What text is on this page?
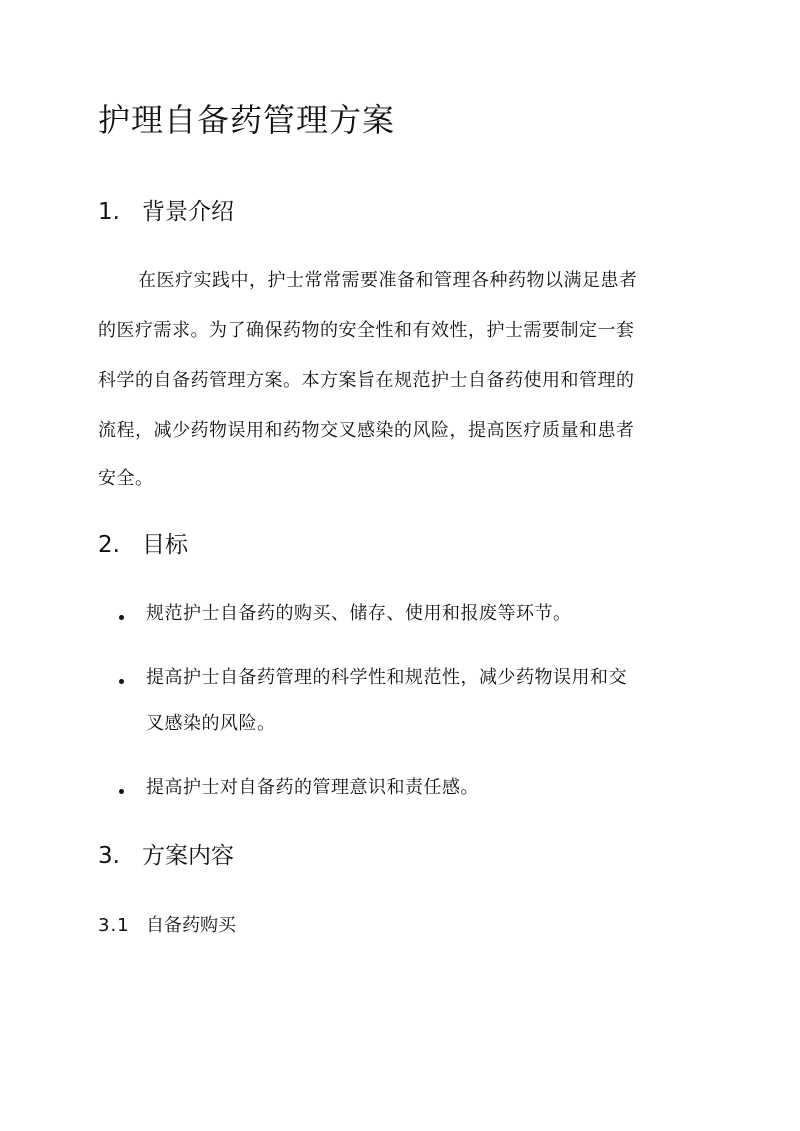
护理自备药管理方案
1. 背景介绍

在医疗实践中，护士常常需要准备和管理各种药物以满足患者

的医疗需求。为了确保药物的安全性和有效性，护士需要制定一套

科学的自备药管理方案。本方案旨在规范护士自备药使用和管理的

流程，减少药物误用和药物交叉感染的风险，提高医疗质量和患者

安全。

2. 目标

规范护士自备药的购买、储存、使用和报废等环节。

提高护士自备药管理的科学性和规范性，减少药物误用和交

叉感染的风险。

提高护士对自备药的管理意识和责任感。

3. 方案内容
3.1 自备药购买
